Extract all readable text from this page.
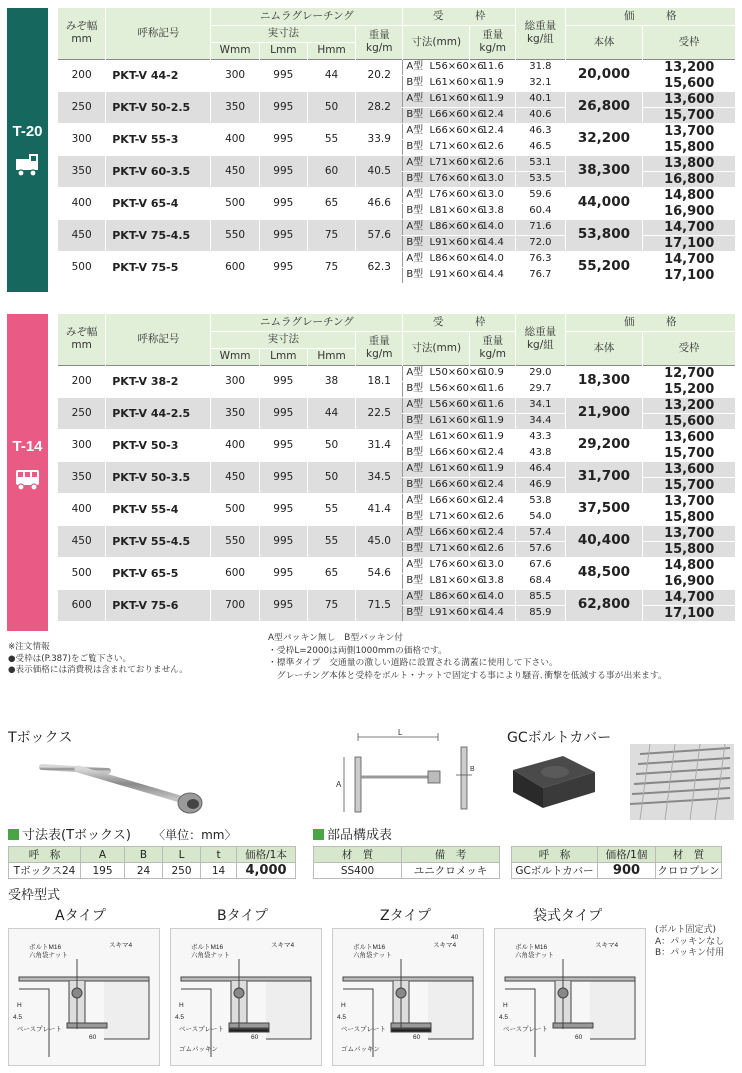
T-20
みぞ幅
mm	呼称記号	ニムラグレーチング				受　　　枠		総重量
kg/組	価　　　格	
		実寸法			重量
kg/m	寸法(mm)	重量
kg/m		本体	受枠
		Wmm	Lmm	Hmm						
200	PKT-V 44-2	300	995	44	20.2	A型 L56×60×6	11.6	31.8	20,000	13,200
						B型 L61×60×6	11.9	32.1		15,600
250	PKT-V 50-2.5	350	995	50	28.2	A型 L61×60×6	11.9	40.1	26,800	13,600
						B型 L66×60×6	12.4	40.6		15,700
300	PKT-V 55-3	400	995	55	33.9	A型 L66×60×6	12.4	46.3	32,200	13,700
						B型 L71×60×6	12.6	46.5		15,800
350	PKT-V 60-3.5	450	995	60	40.5	A型 L71×60×6	12.6	53.1	38,300	13,800
						B型 L76×60×6	13.0	53.5		16,800
400	PKT-V 65-4	500	995	65	46.6	A型 L76×60×6	13.0	59.6	44,000	14,800
						B型 L81×60×6	13.8	60.4		16,900
450	PKT-V 75-4.5	550	995	75	57.6	A型 L86×60×6	14.0	71.6	53,800	14,700
						B型 L91×60×6	14.4	72.0		17,100
500	PKT-V 75-5	600	995	75	62.3	A型 L86×60×6	14.0	76.3	55,200	14,700
						B型 L91×60×6	14.4	76.7		17,100
T-14
みぞ幅
mm	呼称記号	ニムラグレーチング				受　　　枠		総重量
kg/組	価　　　格	
		実寸法			重量
kg/m	寸法(mm)	重量
kg/m		本体	受枠
		Wmm	Lmm	Hmm						
200	PKT-V 38-2	300	995	38	18.1	A型 L50×60×6	10.9	29.0	18,300	12,700
						B型 L56×60×6	11.6	29.7		15,200
250	PKT-V 44-2.5	350	995	44	22.5	A型 L56×60×6	11.6	34.1	21,900	13,200
						B型 L61×60×6	11.9	34.4		15,600
300	PKT-V 50-3	400	995	50	31.4	A型 L61×60×6	11.9	43.3	29,200	13,600
						B型 L66×60×6	12.4	43.8		15,700
350	PKT-V 50-3.5	450	995	50	34.5	A型 L61×60×6	11.9	46.4	31,700	13,600
						B型 L66×60×6	12.4	46.9		15,700
400	PKT-V 55-4	500	995	55	41.4	A型 L66×60×6	12.4	53.8	37,500	13,700
						B型 L71×60×6	12.6	54.0		15,800
450	PKT-V 55-4.5	550	995	55	45.0	A型 L66×60×6	12.4	57.4	40,400	13,700
						B型 L71×60×6	12.6	57.6		15,800
500	PKT-V 65-5	600	995	65	54.6	A型 L76×60×6	13.0	67.6	48,500	14,800
						B型 L81×60×6	13.8	68.4		16,900
600	PKT-V 75-6	700	995	75	71.5	A型 L86×60×6	14.0	85.5	62,800	14,700
						B型 L91×60×6	14.4	85.9		17,100
※注文情報
●受枠は(P.387)をご覧下さい。
●表示価格には消費税は含まれておりません。
A型パッキン無し　B型パッキン付
・受枠L=2000は両側1000mmの価格です。
・標準タイプ　交通量の激しい道路に設置される溝蓋に使用して下さい。
　グレーチング本体と受枠をボルト・ナットで固定する事により騒音､衝撃を低減する事が出来ます。
Tボックス	L
A
B
GCボルトカバー
寸法表(Tボックス) 〈単位：mm〉
呼　称	A	B	L	t	価格/1本
Tボックス24	195	24	250	14	4,000
部品構成表
材　質	備　考
SS400	ユニクロメッキ
呼　称	価格/1個	材　質
GCボルトカバー	900	クロロプレン
受枠型式
Aタイプ	Bタイプ	Zタイプ	袋式タイプ
ボルトM16
六角袋ナット
スキマ4
ベースプレート
60
H
4.5
ボルトM16
六角袋ナット
スキマ4
ベースプレート
ゴムパッキン
60
H
4.5
ボルトM16
六角袋ナット
スキマ4
ベースプレート
ゴムパッキン
60
H
4.5
40
ボルトM16
六角袋ナット
スキマ4
ベースプレート
60
H
4.5
(ボルト固定式)
A：パッキンなし
B：パッキン付用
